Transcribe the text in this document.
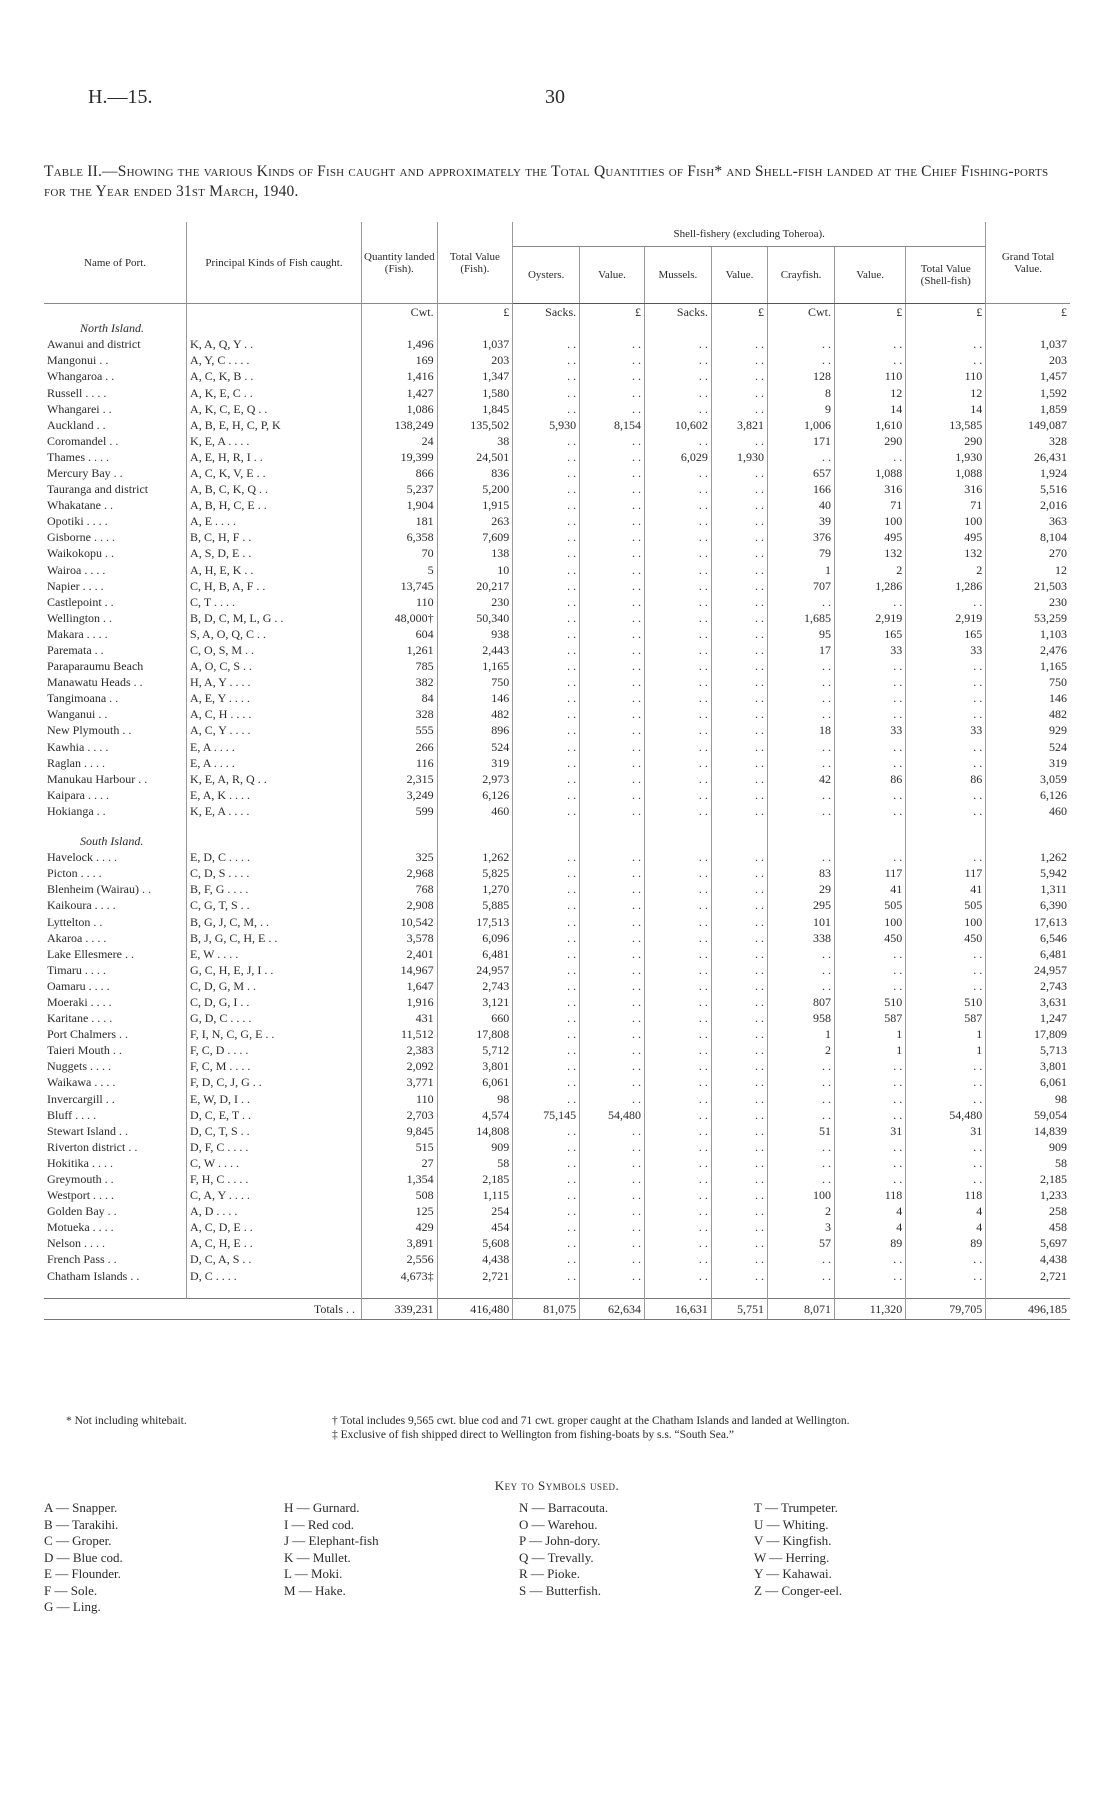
H.—15.	30
Table II.—Showing the various Kinds of Fish caught and approximately the Total Quantities of Fish* and Shell-fish landed at the Chief Fishing-ports for the Year ended 31st March, 1940.
Name of Port.	Principal Kinds of Fish caught.	Quantity landed (Fish).	Total Value (Fish).	Shell-fishery (excluding Toheroa).							Grand Total Value.
				Oysters.	Value.	Mussels.	Value.	Crayfish.	Value.	Total Value (Shell-fish)	
		Cwt.	£	Sacks.	£	Sacks.	£	Cwt.	£	£	£
North Island.											
Awanui and district	K, A, Q, Y . .	1,496	1,037	. .	. .	. .	. .	. .	. .	. .	1,037
Mangonui . .	A, Y, C . . . .	169	203	. .	. .	. .	. .	. .	. .	. .	203
Whangaroa . .	A, C, K, B . .	1,416	1,347	. .	. .	. .	. .	128	110	110	1,457
Russell . . . .	A, K, E, C . .	1,427	1,580	. .	. .	. .	. .	8	12	12	1,592
Whangarei . .	A, K, C, E, Q . .	1,086	1,845	. .	. .	. .	. .	9	14	14	1,859
Auckland . .	A, B, E, H, C, P, K	138,249	135,502	5,930	8,154	10,602	3,821	1,006	1,610	13,585	149,087
Coromandel . .	K, E, A . . . .	24	38	. .	. .	. .	. .	171	290	290	328
Thames . . . .	A, E, H, R, I . .	19,399	24,501	. .	. .	6,029	1,930	. .	. .	1,930	26,431
Mercury Bay . .	A, C, K, V, E . .	866	836	. .	. .	. .	. .	657	1,088	1,088	1,924
Tauranga and district	A, B, C, K, Q . .	5,237	5,200	. .	. .	. .	. .	166	316	316	5,516
Whakatane . .	A, B, H, C, E . .	1,904	1,915	. .	. .	. .	. .	40	71	71	2,016
Opotiki . . . .	A, E . . . .	181	263	. .	. .	. .	. .	39	100	100	363
Gisborne . . . .	B, C, H, F . .	6,358	7,609	. .	. .	. .	. .	376	495	495	8,104
Waikokopu . .	A, S, D, E . .	70	138	. .	. .	. .	. .	79	132	132	270
Wairoa . . . .	A, H, E, K . .	5	10	. .	. .	. .	. .	1	2	2	12
Napier . . . .	C, H, B, A, F . .	13,745	20,217	. .	. .	. .	. .	707	1,286	1,286	21,503
Castlepoint . .	C, T . . . .	110	230	. .	. .	. .	. .	. .	. .	. .	230
Wellington . .	B, D, C, M, L, G . .	48,000†	50,340	. .	. .	. .	. .	1,685	2,919	2,919	53,259
Makara . . . .	S, A, O, Q, C . .	604	938	. .	. .	. .	. .	95	165	165	1,103
Paremata . .	C, O, S, M . .	1,261	2,443	. .	. .	. .	. .	17	33	33	2,476
Paraparaumu Beach	A, O, C, S . .	785	1,165	. .	. .	. .	. .	. .	. .	. .	1,165
Manawatu Heads . .	H, A, Y . . . .	382	750	. .	. .	. .	. .	. .	. .	. .	750
Tangimoana . .	A, E, Y . . . .	84	146	. .	. .	. .	. .	. .	. .	. .	146
Wanganui . .	A, C, H . . . .	328	482	. .	. .	. .	. .	. .	. .	. .	482
New Plymouth . .	A, C, Y . . . .	555	896	. .	. .	. .	. .	18	33	33	929
Kawhia . . . .	E, A . . . .	266	524	. .	. .	. .	. .	. .	. .	. .	524
Raglan . . . .	E, A . . . .	116	319	. .	. .	. .	. .	. .	. .	. .	319
Manukau Harbour . .	K, E, A, R, Q . .	2,315	2,973	. .	. .	. .	. .	42	86	86	3,059
Kaipara . . . .	E, A, K . . . .	3,249	6,126	. .	. .	. .	. .	. .	. .	. .	6,126
Hokianga . .	K, E, A . . . .	599	460	. .	. .	. .	. .	. .	. .	. .	460

South Island.											
Havelock . . . .	E, D, C . . . .	325	1,262	. .	. .	. .	. .	. .	. .	. .	1,262
Picton . . . .	C, D, S . . . .	2,968	5,825	. .	. .	. .	. .	83	117	117	5,942
Blenheim (Wairau) . .	B, F, G . . . .	768	1,270	. .	. .	. .	. .	29	41	41	1,311
Kaikoura . . . .	C, G, T, S . .	2,908	5,885	. .	. .	. .	. .	295	505	505	6,390
Lyttelton . .	B, G, J, C, M, . .	10,542	17,513	. .	. .	. .	. .	101	100	100	17,613
Akaroa . . . .	B, J, G, C, H, E . .	3,578	6,096	. .	. .	. .	. .	338	450	450	6,546
Lake Ellesmere . .	E, W . . . .	2,401	6,481	. .	. .	. .	. .	. .	. .	. .	6,481
Timaru . . . .	G, C, H, E, J, I . .	14,967	24,957	. .	. .	. .	. .	. .	. .	. .	24,957
Oamaru . . . .	C, D, G, M . .	1,647	2,743	. .	. .	. .	. .	. .	. .	. .	2,743
Moeraki . . . .	C, D, G, I . .	1,916	3,121	. .	. .	. .	. .	807	510	510	3,631
Karitane . . . .	G, D, C . . . .	431	660	. .	. .	. .	. .	958	587	587	1,247
Port Chalmers . .	F, I, N, C, G, E . .	11,512	17,808	. .	. .	. .	. .	1	1	1	17,809
Taieri Mouth . .	F, C, D . . . .	2,383	5,712	. .	. .	. .	. .	2	1	1	5,713
Nuggets . . . .	F, C, M . . . .	2,092	3,801	. .	. .	. .	. .	. .	. .	. .	3,801
Waikawa . . . .	F, D, C, J, G . .	3,771	6,061	. .	. .	. .	. .	. .	. .	. .	6,061
Invercargill . .	E, W, D, I . .	110	98	. .	. .	. .	. .	. .	. .	. .	98
Bluff . . . .	D, C, E, T . .	2,703	4,574	75,145	54,480	. .	. .	. .	. .	54,480	59,054
Stewart Island . .	D, C, T, S . .	9,845	14,808	. .	. .	. .	. .	51	31	31	14,839
Riverton district . .	D, F, C . . . .	515	909	. .	. .	. .	. .	. .	. .	. .	909
Hokitika . . . .	C, W . . . .	27	58	. .	. .	. .	. .	. .	. .	. .	58
Greymouth . .	F, H, C . . . .	1,354	2,185	. .	. .	. .	. .	. .	. .	. .	2,185
Westport . . . .	C, A, Y . . . .	508	1,115	. .	. .	. .	. .	100	118	118	1,233
Golden Bay . .	A, D . . . .	125	254	. .	. .	. .	. .	2	4	4	258
Motueka . . . .	A, C, D, E . .	429	454	. .	. .	. .	. .	3	4	4	458
Nelson . . . .	A, C, H, E . .	3,891	5,608	. .	. .	. .	. .	57	89	89	5,697
French Pass . .	D, C, A, S . .	2,556	4,438	. .	. .	. .	. .	. .	. .	. .	4,438
Chatham Islands . .	D, C . . . .	4,673‡	2,721	. .	. .	. .	. .	. .	. .	. .	2,721

Totals . .		339,231	416,480	81,075	62,634	16,631	5,751	8,071	11,320	79,705	496,185
* Not including whitebait.	† Total includes 9,565 cwt. blue cod and 71 cwt. groper caught at the Chatham Islands and landed at Wellington.
‡ Exclusive of fish shipped direct to Wellington from fishing-boats by s.s. “South Sea.”
Key to Symbols used.
A — Snapper.
B — Tarakihi.
C — Groper.
D — Blue cod.
E — Flounder.
F — Sole.
G — Ling.
H — Gurnard.
I — Red cod.
J — Elephant-fish
K — Mullet.
L — Moki.
M — Hake.
N — Barracouta.
O — Warehou.
P — John-dory.
Q — Trevally.
R — Pioke.
S — Butterfish.
T — Trumpeter.
U — Whiting.
V — Kingfish.
W — Herring.
Y — Kahawai.
Z — Conger-eel.
